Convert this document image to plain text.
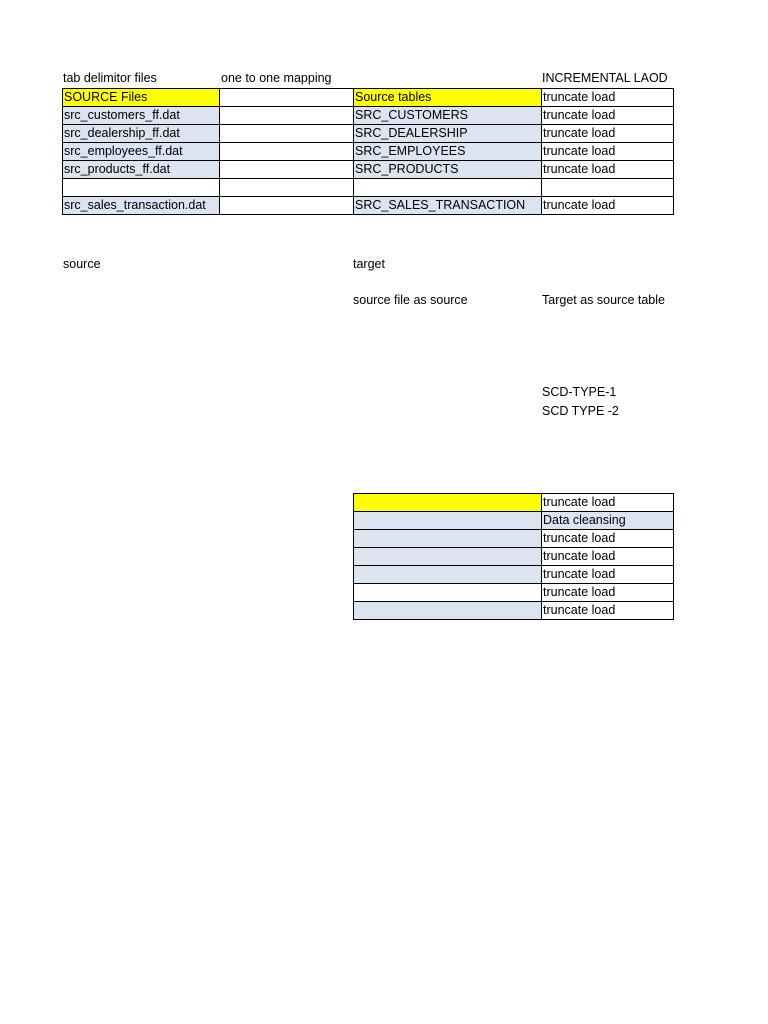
tab delimitor files	one to one mapping	INCREMENTAL LAOD
SOURCE Files		Source tables	truncate load
src_customers_ff.dat		SRC_CUSTOMERS	truncate load
src_dealership_ff.dat		SRC_DEALERSHIP	truncate load
src_employees_ff.dat		SRC_EMPLOYEES	truncate load
src_products_ff.dat		SRC_PRODUCTS	truncate load

src_sales_transaction.dat		SRC_SALES_TRANSACTION	truncate load
source	target
source file as source	Target as source table
SCD-TYPE-1
SCD TYPE -2
	truncate load
	Data cleansing
	truncate load
	truncate load
	truncate load
	truncate load
	truncate load
